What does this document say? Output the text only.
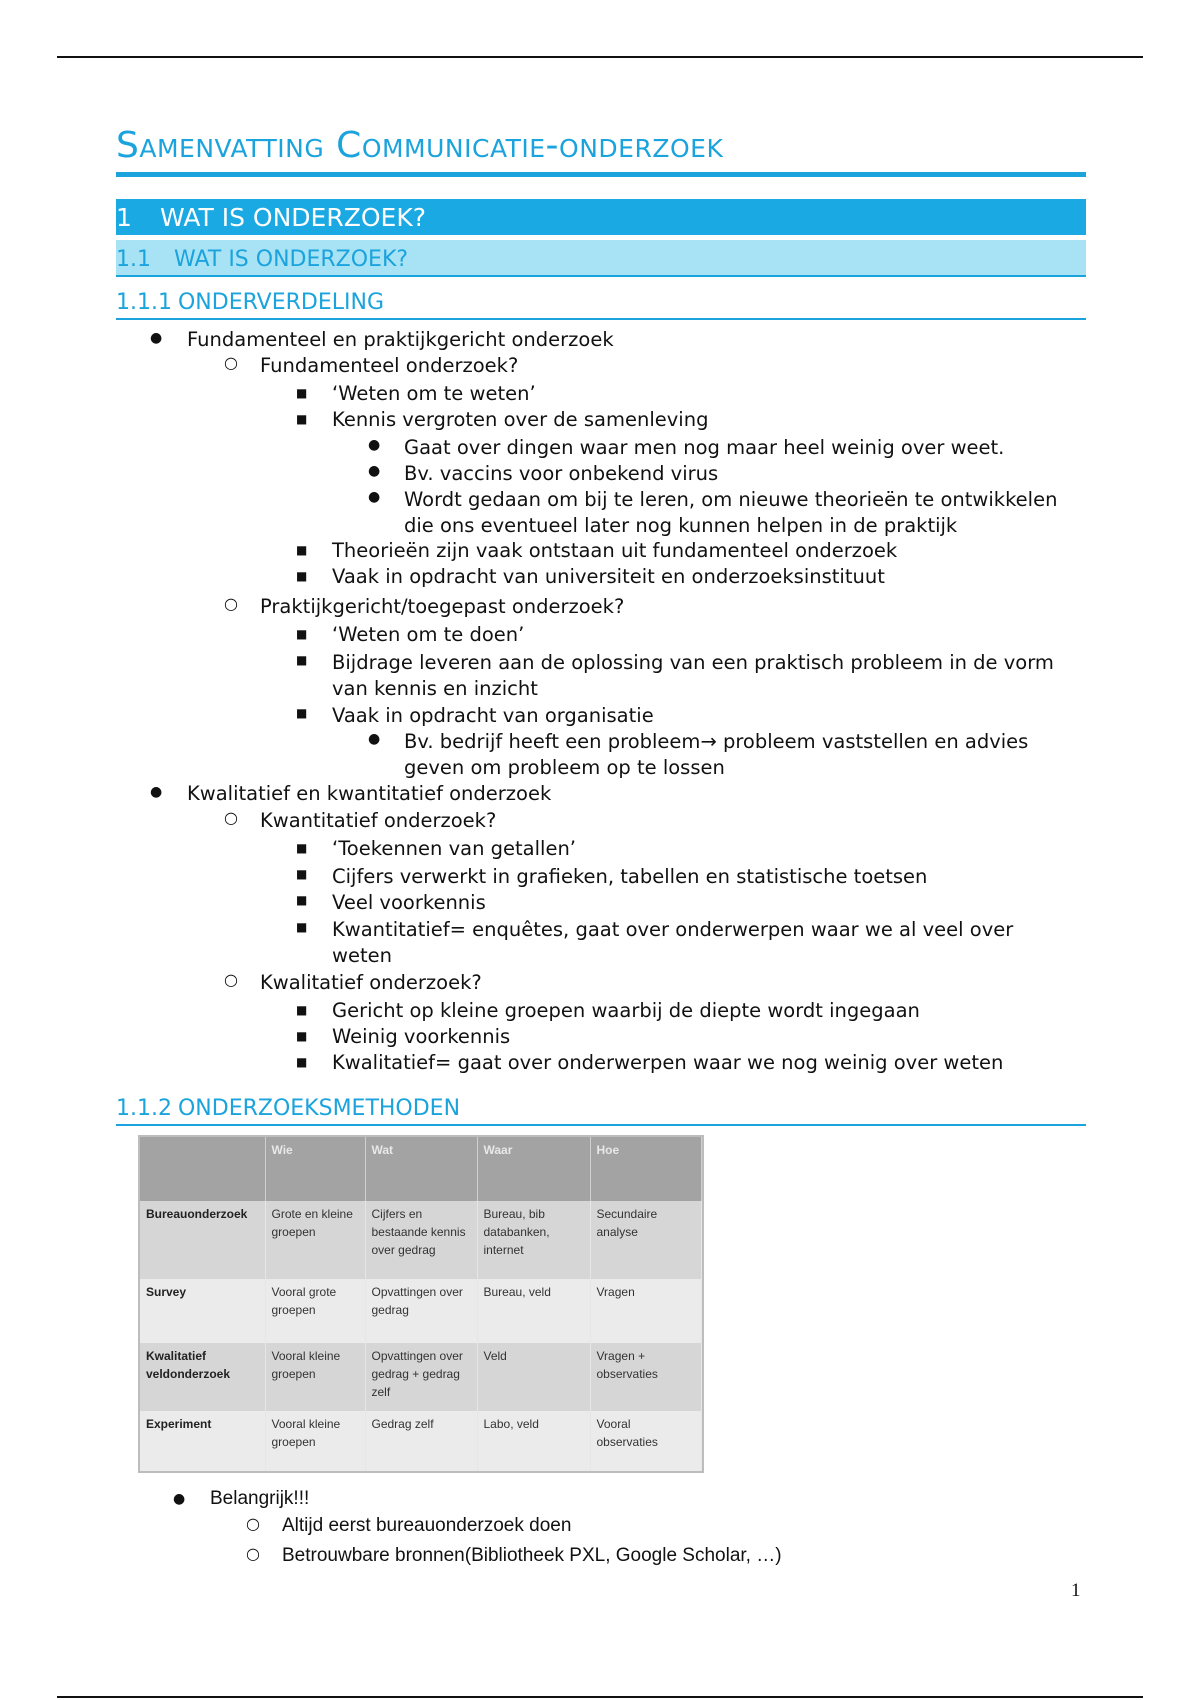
Samenvatting Communicatie-onderzoek
1 WAT IS ONDERZOEK?
1.1 WAT IS ONDERZOEK?
1.1.1 ONDERVERDELING
● Fundamenteel en praktijkgericht onderzoek
○ Fundamenteel onderzoek?
■ ‘Weten om te weten’
■ Kennis vergroten over de samenleving
● Gaat over dingen waar men nog maar heel weinig over weet.
● Bv. vaccins voor onbekend virus
● Wordt gedaan om bij te leren, om nieuwe theorieën te ontwikkelen
die ons eventueel later nog kunnen helpen in de praktijk
■ Theorieën zijn vaak ontstaan uit fundamenteel onderzoek
■ Vaak in opdracht van universiteit en onderzoeksinstituut
○ Praktijkgericht/toegepast onderzoek?
■ ‘Weten om te doen’
■ Bijdrage leveren aan de oplossing van een praktisch probleem in de vorm
van kennis en inzicht
■ Vaak in opdracht van organisatie
● Bv. bedrijf heeft een probleem→ probleem vaststellen en advies
geven om probleem op te lossen
● Kwalitatief en kwantitatief onderzoek
○ Kwantitatief onderzoek?
■ ‘Toekennen van getallen’
■ Cijfers verwerkt in grafieken, tabellen en statistische toetsen
■ Veel voorkennis
■ Kwantitatief= enquêtes, gaat over onderwerpen waar we al veel over
weten
○ Kwalitatief onderzoek?
■ Gericht op kleine groepen waarbij de diepte wordt ingegaan
■ Weinig voorkennis
■ Kwalitatief= gaat over onderwerpen waar we nog weinig over weten
1.1.2 ONDERZOEKSMETHODEN
	Wie	Wat	Waar	Hoe
Bureauonderzoek	Grote en kleine groepen	Cijfers en bestaande kennis over gedrag	Bureau, bib databanken, internet	Secundaire analyse
Survey	Vooral grote groepen	Opvattingen over gedrag	Bureau, veld	Vragen
Kwalitatief veldonderzoek	Vooral kleine groepen	Opvattingen over gedrag + gedrag zelf	Veld	Vragen + observaties
Experiment	Vooral kleine groepen	Gedrag zelf	Labo, veld	Vooral observaties
● Belangrijk!!!
○ Altijd eerst bureauonderzoek doen
○ Betrouwbare bronnen(Bibliotheek PXL, Google Scholar, …)
1
